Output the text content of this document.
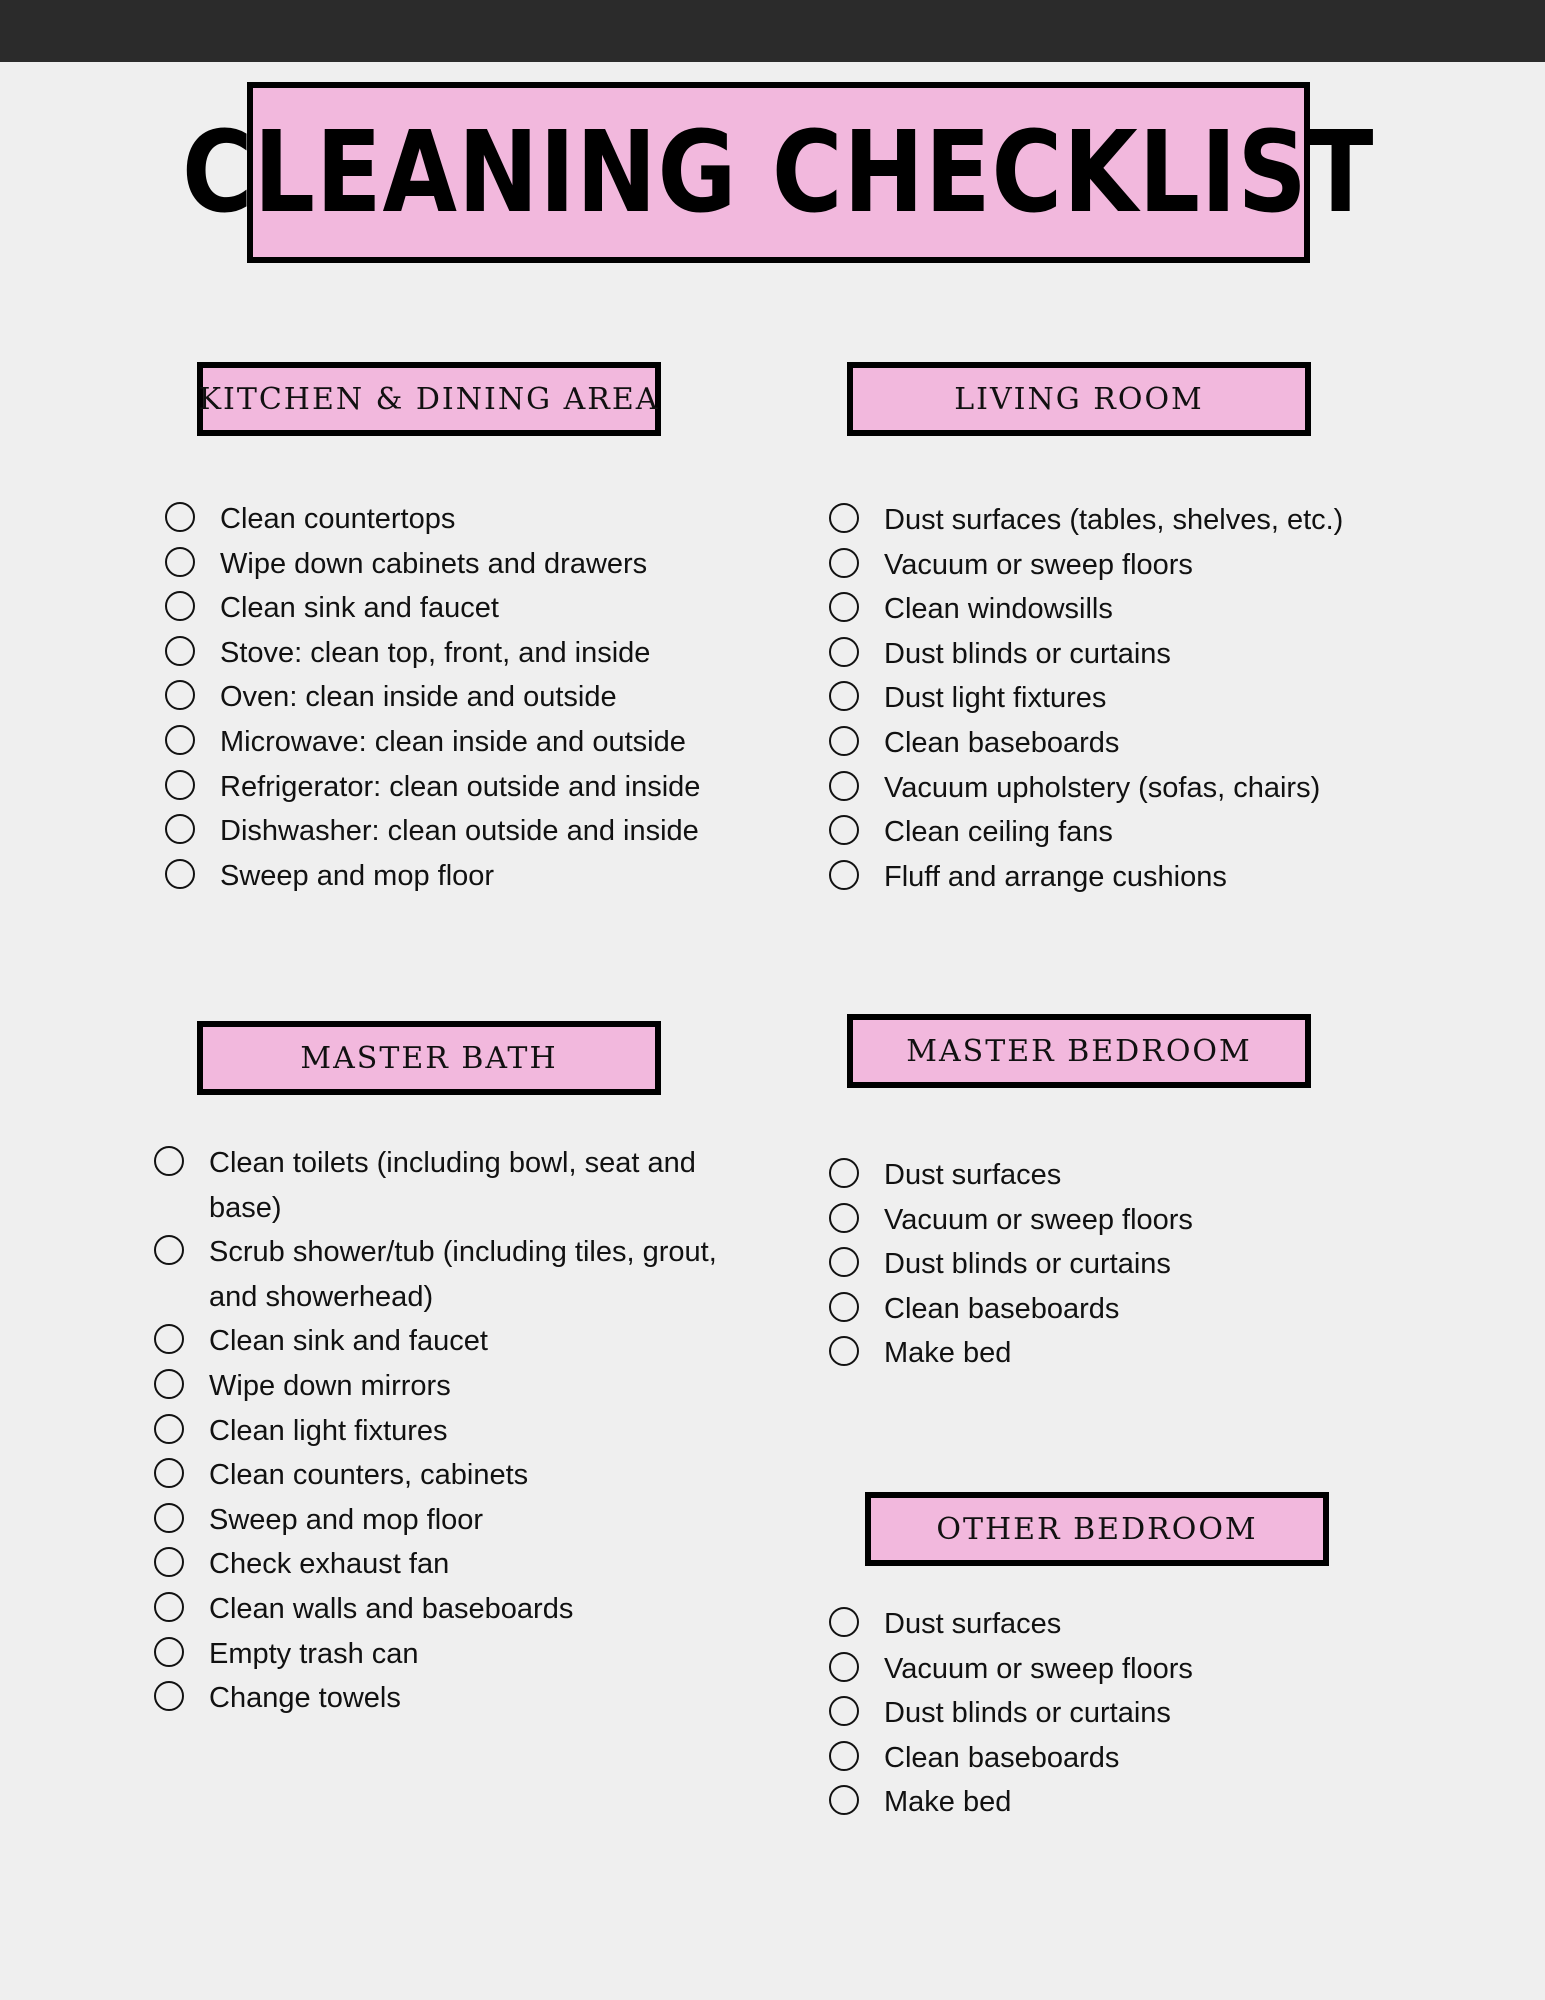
CLEANING CHECKLIST
KITCHEN & DINING AREA
Clean countertops
Wipe down cabinets and drawers
Clean sink and faucet
Stove: clean top, front, and inside
Oven: clean inside and outside
Microwave: clean inside and outside
Refrigerator: clean outside and inside
Dishwasher: clean outside and inside
Sweep and mop floor
LIVING ROOM
Dust surfaces (tables, shelves, etc.)
Vacuum or sweep floors
Clean windowsills
Dust blinds or curtains
Dust light fixtures
Clean baseboards
Vacuum upholstery (sofas, chairs)
Clean ceiling fans
Fluff and arrange cushions
MASTER BATH
Clean toilets (including bowl, seat and base)
Scrub shower/tub (including tiles, grout, and showerhead)
Clean sink and faucet
Wipe down mirrors
Clean light fixtures
Clean counters, cabinets
Sweep and mop floor
Check exhaust fan
Clean walls and baseboards
Empty trash can
Change towels
MASTER BEDROOM
Dust surfaces
Vacuum or sweep floors
Dust blinds or curtains
Clean baseboards
Make bed
OTHER BEDROOM
Dust surfaces
Vacuum or sweep floors
Dust blinds or curtains
Clean baseboards
Make bed
